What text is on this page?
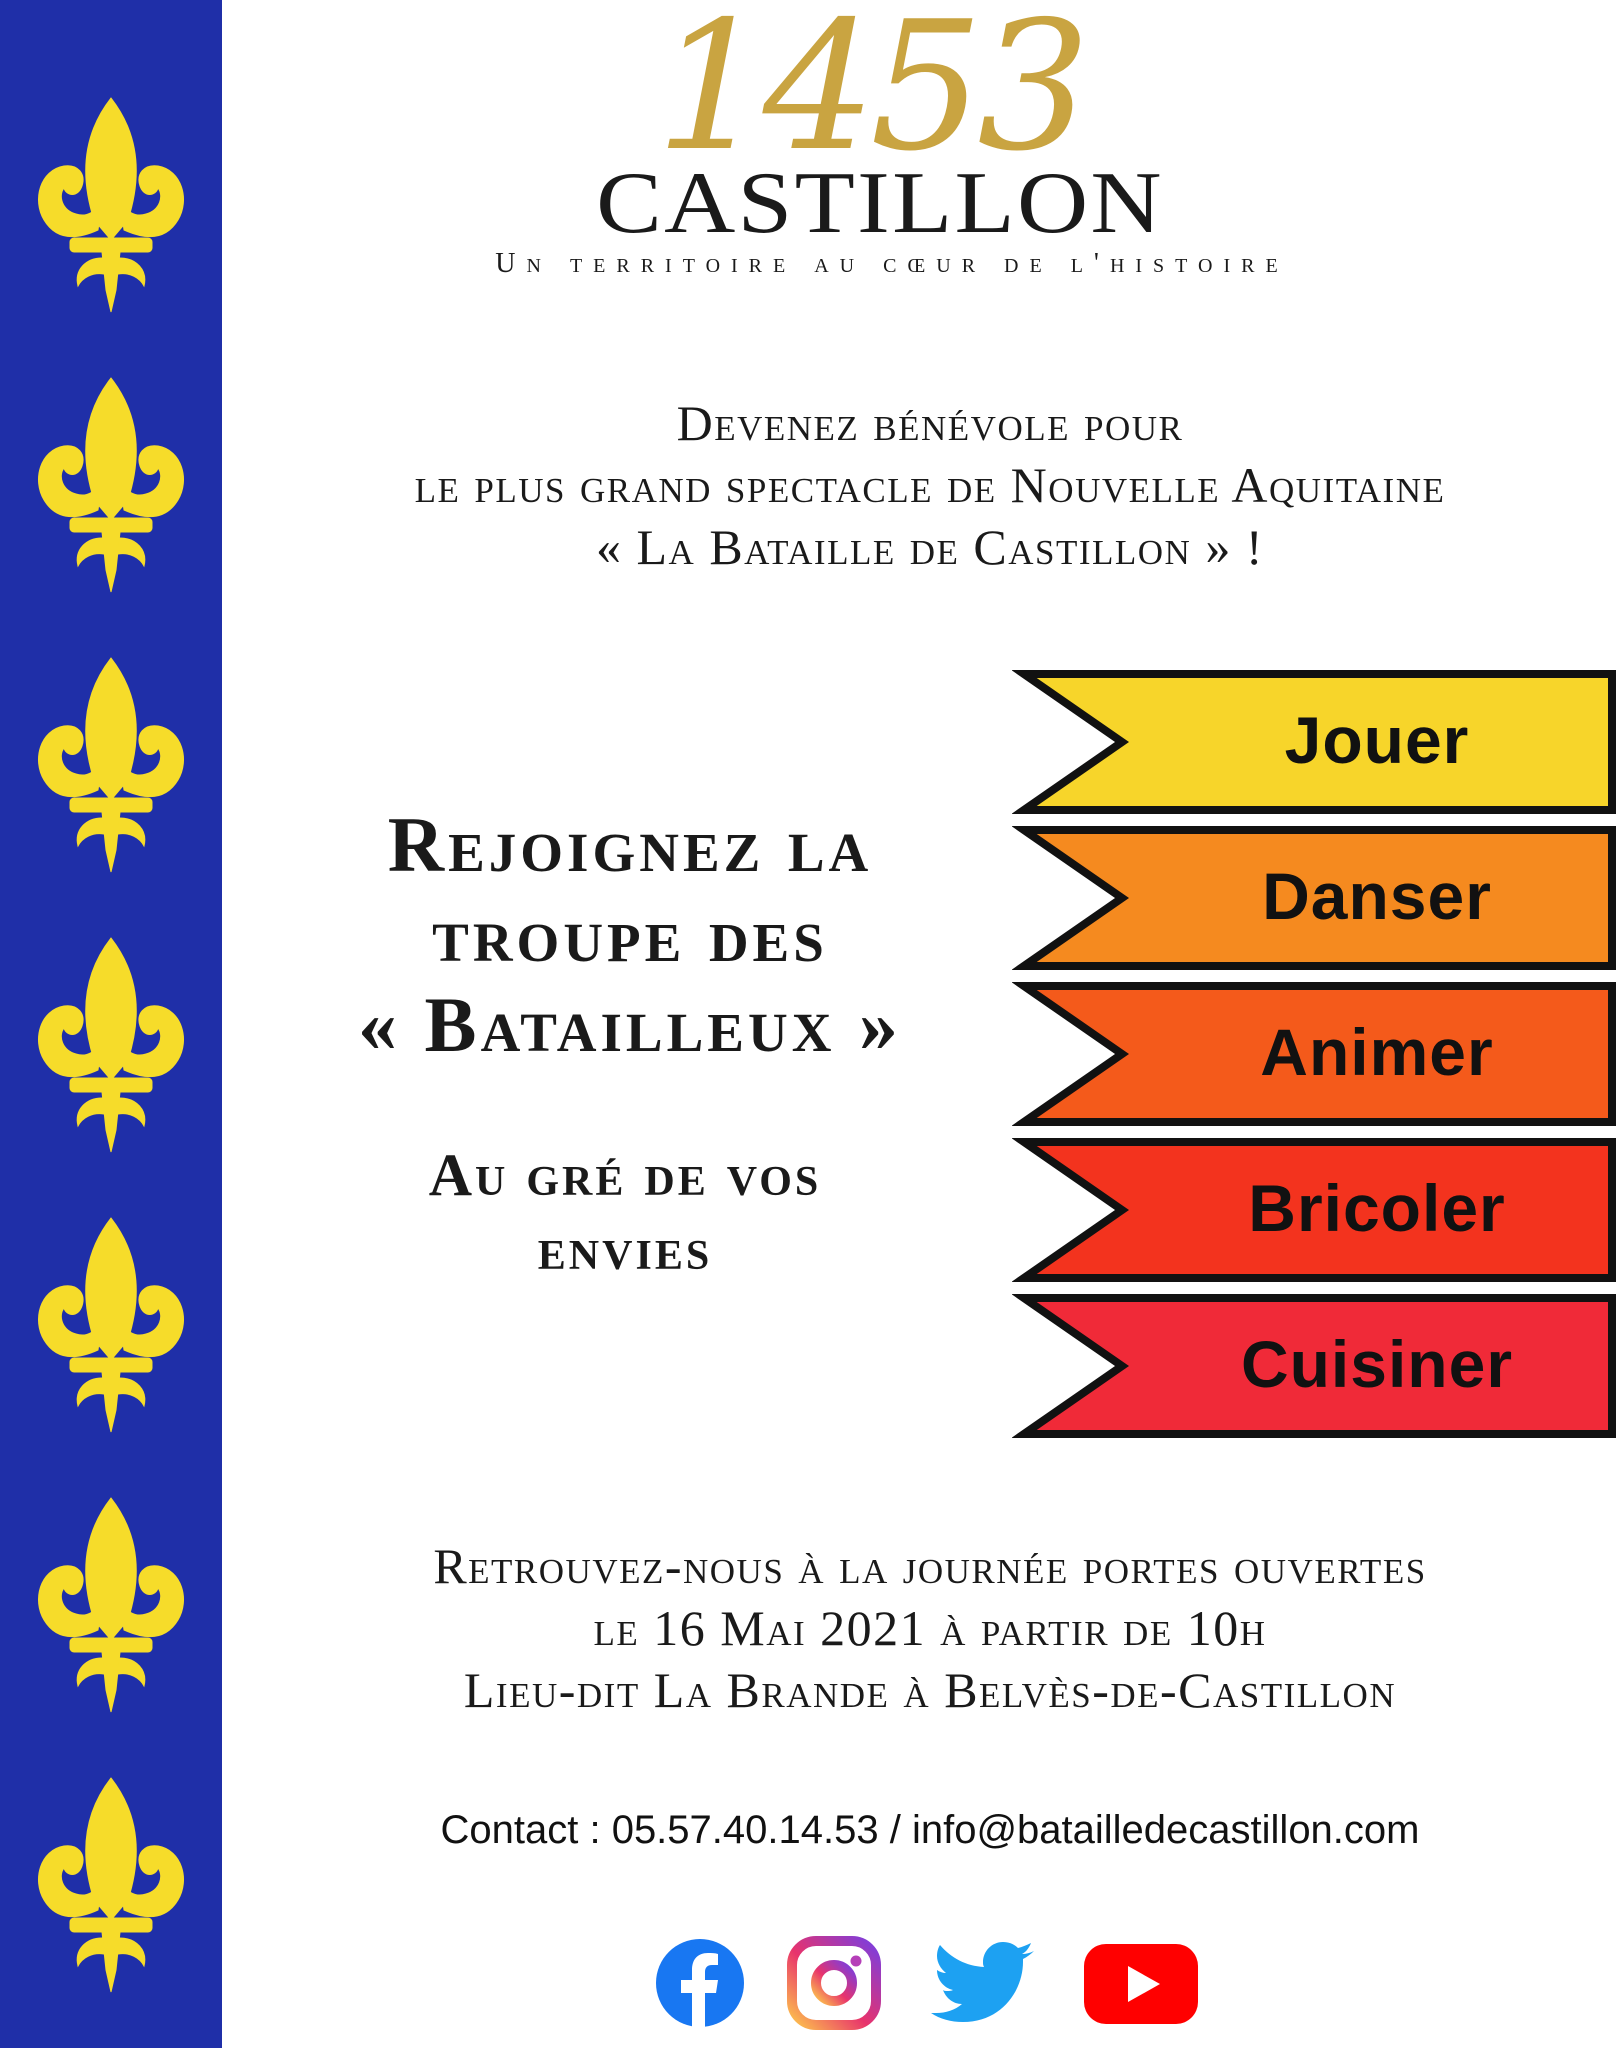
1453
CASTILLON
Un territoire au cœur de l'histoire
Devenez bénévole pour
le plus grand spectacle de Nouvelle Aquitaine
« La Bataille de Castillon » !
Rejoignez la
troupe des
« Batailleux »
Au gré de vos
envies
Jouer
Danser
Animer
Bricoler
Cuisiner
Retrouvez-nous à la journée portes ouvertes
le 16 Mai 2021 à partir de 10h
Lieu-dit La Brande à Belvès-de-Castillon
Contact : 05.57.40.14.53 / info@batailledecastillon.com
